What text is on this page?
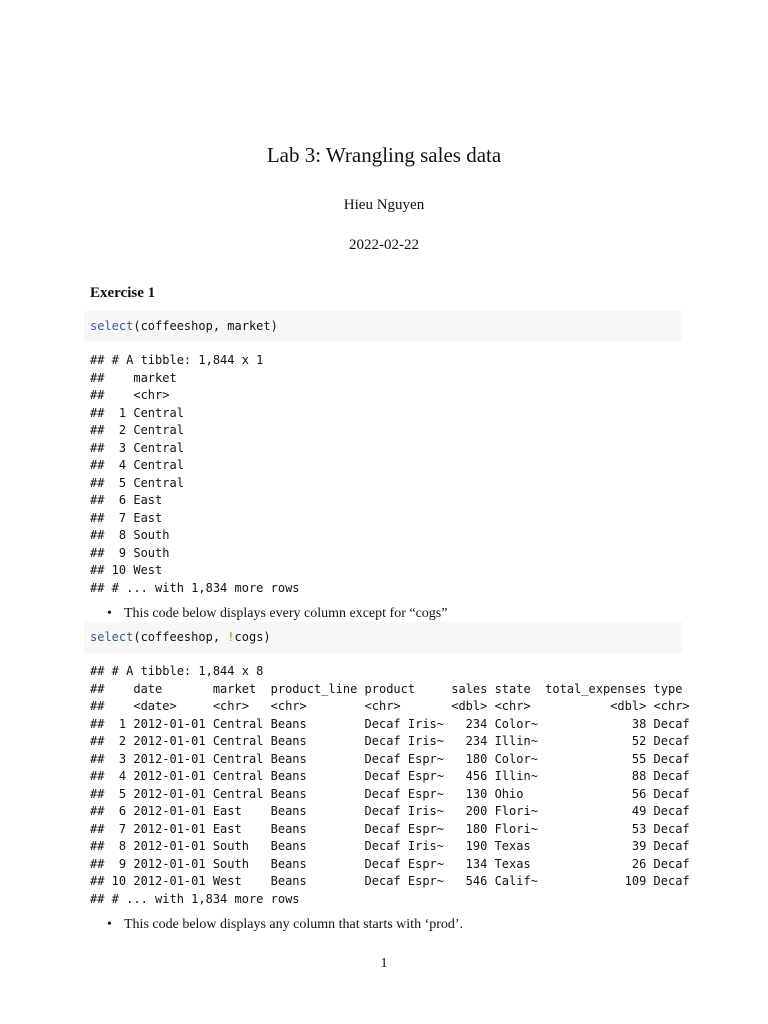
Lab 3: Wrangling sales data
Hieu Nguyen
2022-02-22
Exercise 1
select(coffeeshop, market)
## # A tibble: 1,844 x 1
##    market
##    <chr>
##  1 Central
##  2 Central
##  3 Central
##  4 Central
##  5 Central
##  6 East
##  7 East
##  8 South
##  9 South
## 10 West
## # ... with 1,834 more rows
• This code below displays every column except for “cogs”
select(coffeeshop, !cogs)
## # A tibble: 1,844 x 8
##    date       market  product_line product     sales state  total_expenses type
##    <date>     <chr>   <chr>        <chr>       <dbl> <chr>           <dbl> <chr>
##  1 2012-01-01 Central Beans        Decaf Iris~   234 Color~             38 Decaf
##  2 2012-01-01 Central Beans        Decaf Iris~   234 Illin~             52 Decaf
##  3 2012-01-01 Central Beans        Decaf Espr~   180 Color~             55 Decaf
##  4 2012-01-01 Central Beans        Decaf Espr~   456 Illin~             88 Decaf
##  5 2012-01-01 Central Beans        Decaf Espr~   130 Ohio               56 Decaf
##  6 2012-01-01 East    Beans        Decaf Iris~   200 Flori~             49 Decaf
##  7 2012-01-01 East    Beans        Decaf Espr~   180 Flori~             53 Decaf
##  8 2012-01-01 South   Beans        Decaf Iris~   190 Texas              39 Decaf
##  9 2012-01-01 South   Beans        Decaf Espr~   134 Texas              26 Decaf
## 10 2012-01-01 West    Beans        Decaf Espr~   546 Calif~            109 Decaf
## # ... with 1,834 more rows
• This code below displays any column that starts with ‘prod’.
1
